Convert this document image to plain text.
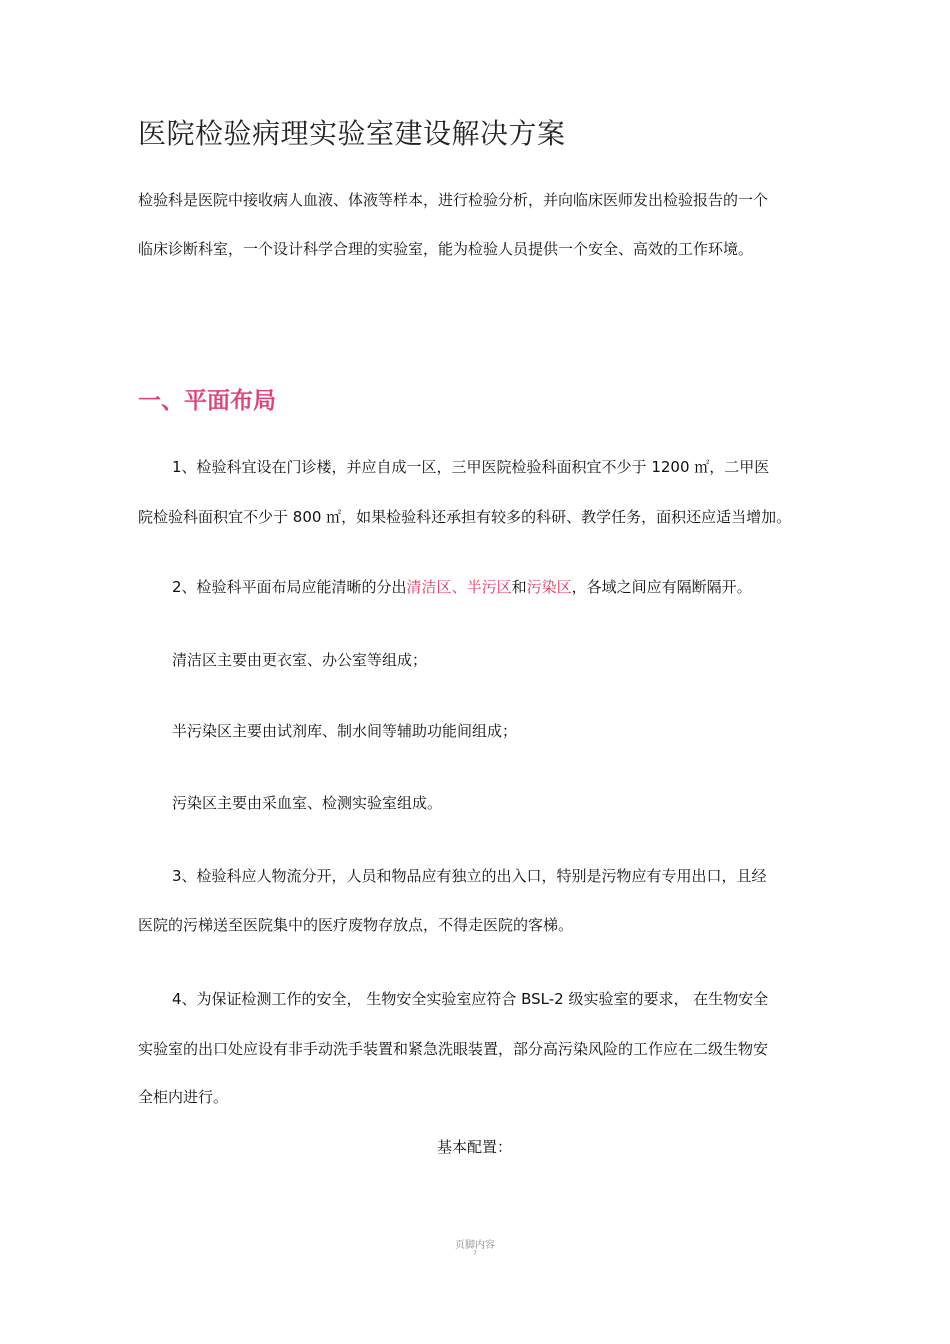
医院检验病理实验室建设解决方案
检验科是医院中接收病人血液、体液等样本，进行检验分析，并向临床医师发出检验报告的一个
临床诊断科室，一个设计科学合理的实验室，能为检验人员提供一个安全、高效的工作环境。
一、平面布局
1、检验科宜设在门诊楼，并应自成一区，三甲医院检验科面积宜不少于 1200 ㎡，二甲医
院检验科面积宜不少于 800 ㎡，如果检验科还承担有较多的科研、教学任务，面积还应适当增加。
2、检验科平面布局应能清晰的分出清洁区、半污区和污染区，各域之间应有隔断隔开。
清洁区主要由更衣室、办公室等组成；
半污染区主要由试剂库、制水间等辅助功能间组成；
污染区主要由采血室、检测实验室组成。
3、检验科应人物流分开，人员和物品应有独立的出入口，特别是污物应有专用出口，且经
医院的污梯送至医院集中的医疗废物存放点，不得走医院的客梯。
4、为保证检测工作的安全， 生物安全实验室应符合 BSL-2 级实验室的要求， 在生物安全
实验室的出口处应设有非手动洗手装置和紧急洗眼装置，部分高污染风险的工作应在二级生物安
全柜内进行。
基本配置：
页脚内容
7
